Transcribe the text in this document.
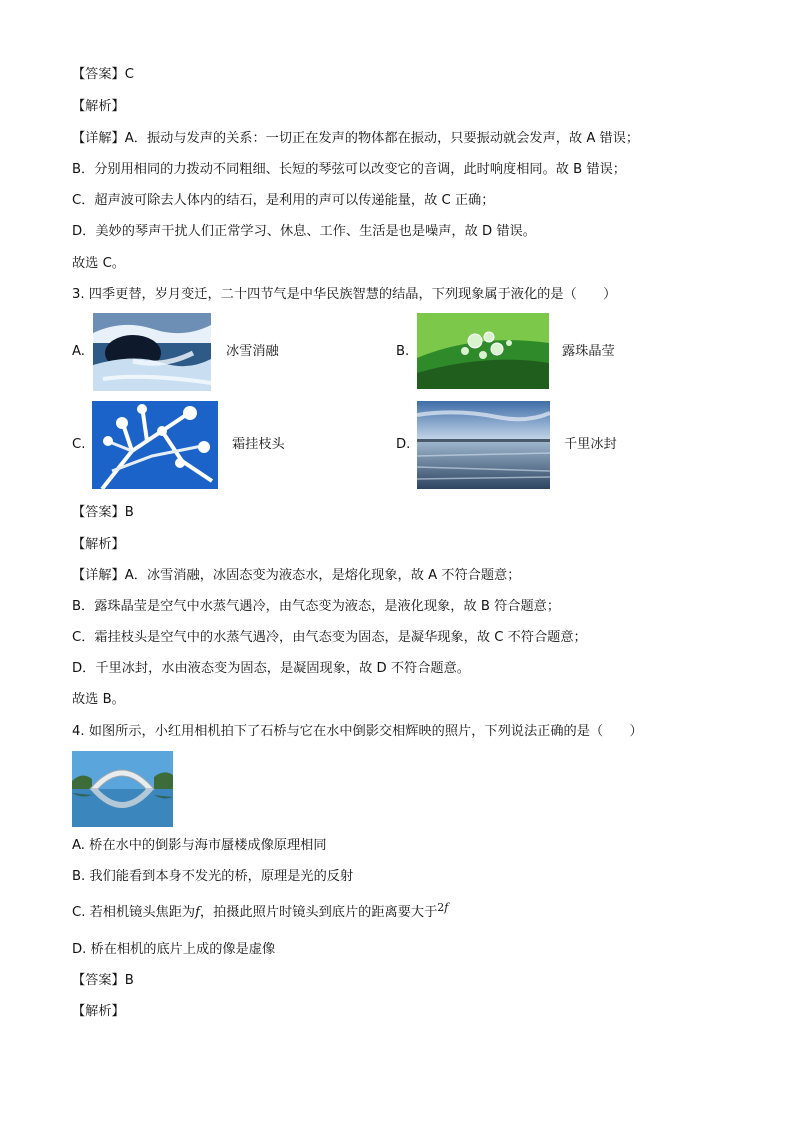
【答案】C
【解析】
【详解】A．振动与发声的关系：一切正在发声的物体都在振动，只要振动就会发声，故 A 错误；
B．分别用相同的力拨动不同粗细、长短的琴弦可以改变它的音调，此时响度相同。故 B 错误；
C．超声波可除去人体内的结石，是利用的声可以传递能量，故 C 正确；
D．美妙的琴声干扰人们正常学习、休息、工作、生活是也是噪声，故 D 错误。
故选 C。
3. 四季更替，岁月变迁，二十四节气是中华民族智慧的结晶，下列现象属于液化的是（　　）
A.	冰雪消融	B.	露珠晶莹
C.	霜挂枝头	D.	千里冰封
【答案】B
【解析】
【详解】A．冰雪消融，冰固态变为液态水，是熔化现象，故 A 不符合题意；
B．露珠晶莹是空气中水蒸气遇冷，由气态变为液态，是液化现象，故 B 符合题意；
C．霜挂枝头是空气中的水蒸气遇冷，由气态变为固态，是凝华现象，故 C 不符合题意；
D．千里冰封，水由液态变为固态，是凝固现象，故 D 不符合题意。
故选 B。
4. 如图所示，小红用相机拍下了石桥与它在水中倒影交相辉映的照片，下列说法正确的是（　　）
A. 桥在水中的倒影与海市蜃楼成像原理相同
B. 我们能看到本身不发光的桥，原理是光的反射
C. 若相机镜头焦距为f，拍摄此照片时镜头到底片的距离要大于$^{2f}$
D. 桥在相机的底片上成的像是虚像
【答案】B
【解析】
